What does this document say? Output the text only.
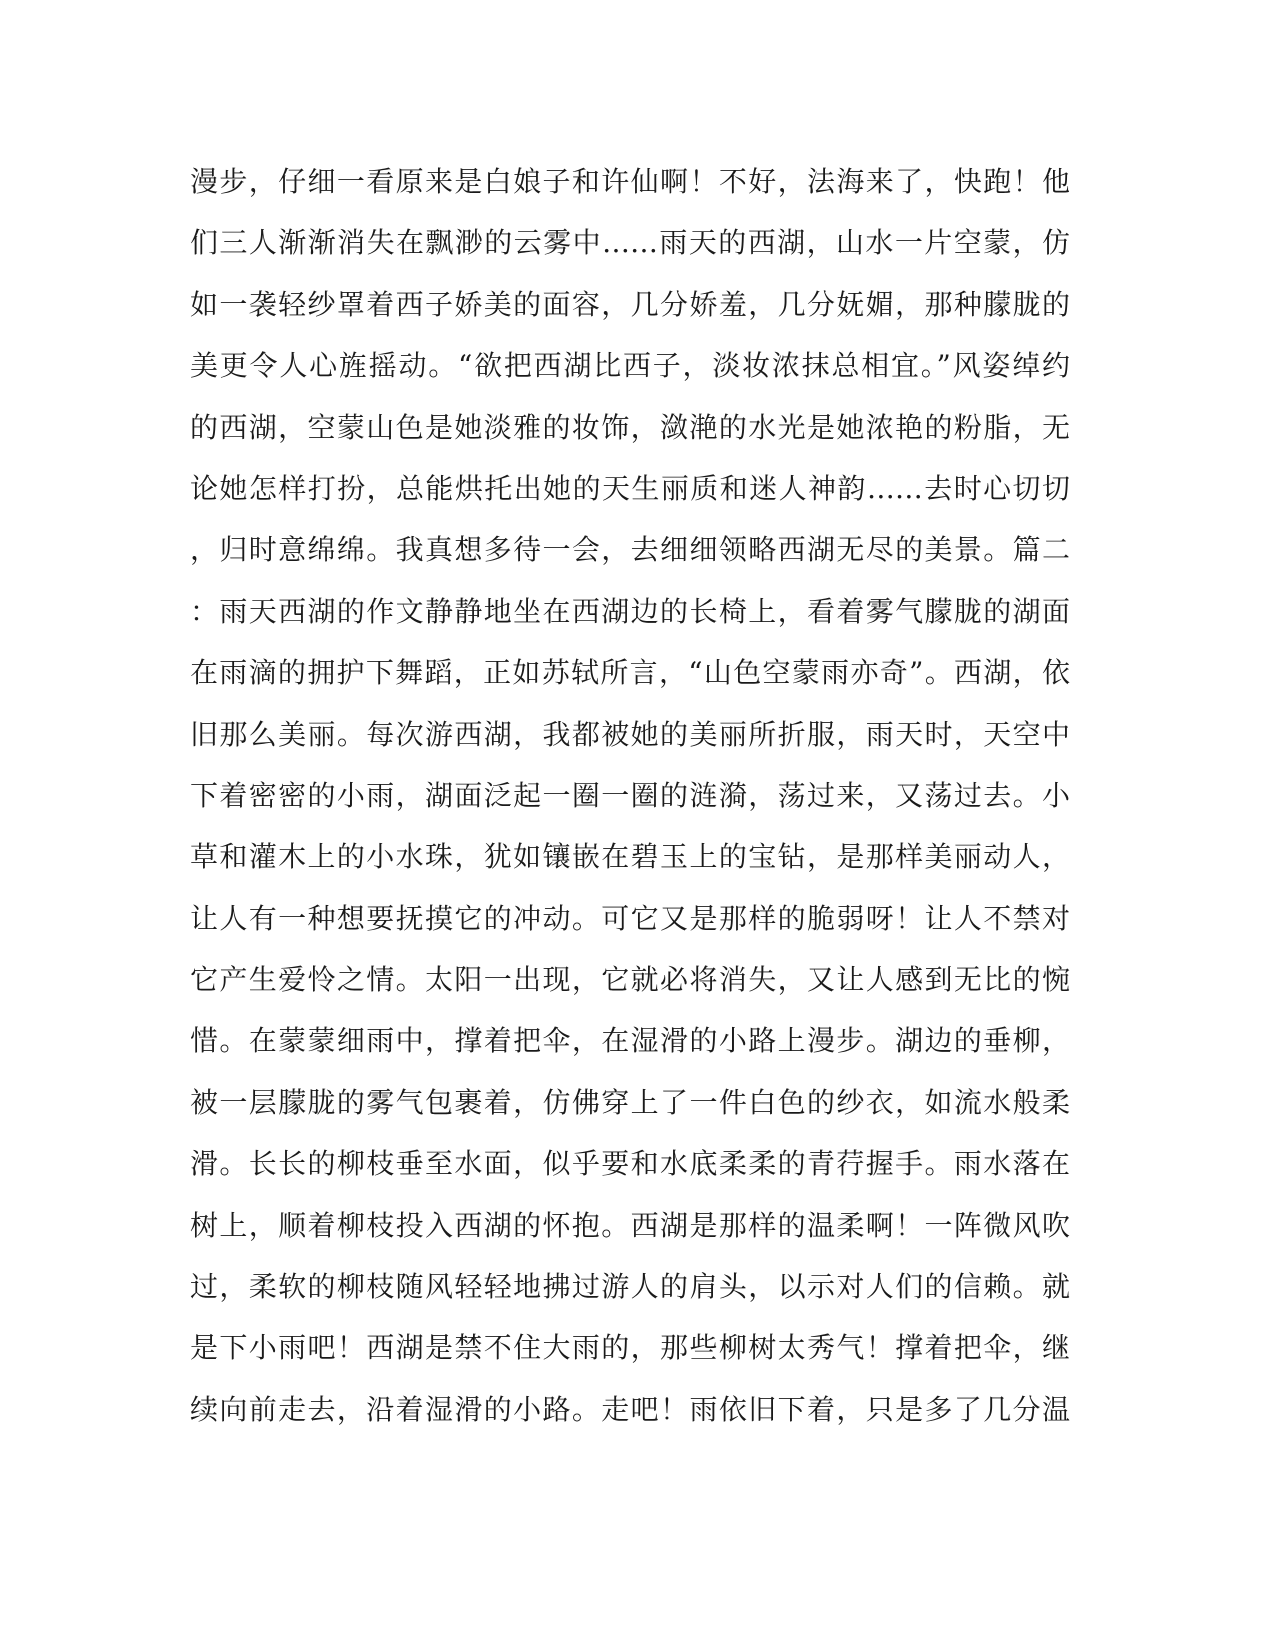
漫步，仔细一看原来是白娘子和许仙啊！不好，法海来了，快跑！他
们三人渐渐消失在飘渺的云雾中……雨天的西湖，山水一片空蒙，仿
如一袭轻纱罩着西子娇美的面容，几分娇羞，几分妩媚，那种朦胧的
美更令人心旌摇动。“欲把西湖比西子，淡妆浓抹总相宜。”风姿绰约
的西湖，空蒙山色是她淡雅的妆饰，潋滟的水光是她浓艳的粉脂，无
论她怎样打扮，总能烘托出她的天生丽质和迷人神韵……去时心切切
，归时意绵绵。我真想多待一会，去细细领略西湖无尽的美景。篇二
：雨天西湖的作文静静地坐在西湖边的长椅上，看着雾气朦胧的湖面
在雨滴的拥护下舞蹈，正如苏轼所言，“山色空蒙雨亦奇”。西湖，依
旧那么美丽。每次游西湖，我都被她的美丽所折服，雨天时，天空中
下着密密的小雨，湖面泛起一圈一圈的涟漪，荡过来，又荡过去。小
草和灌木上的小水珠，犹如镶嵌在碧玉上的宝钻，是那样美丽动人，
让人有一种想要抚摸它的冲动。可它又是那样的脆弱呀！让人不禁对
它产生爱怜之情。太阳一出现，它就必将消失，又让人感到无比的惋
惜。在蒙蒙细雨中，撑着把伞，在湿滑的小路上漫步。湖边的垂柳，
被一层朦胧的雾气包裹着，仿佛穿上了一件白色的纱衣，如流水般柔
滑。长长的柳枝垂至水面，似乎要和水底柔柔的青荇握手。雨水落在
树上，顺着柳枝投入西湖的怀抱。西湖是那样的温柔啊！一阵微风吹
过，柔软的柳枝随风轻轻地拂过游人的肩头，以示对人们的信赖。就
是下小雨吧！西湖是禁不住大雨的，那些柳树太秀气！撑着把伞，继
续向前走去，沿着湿滑的小路。走吧！雨依旧下着，只是多了几分温
